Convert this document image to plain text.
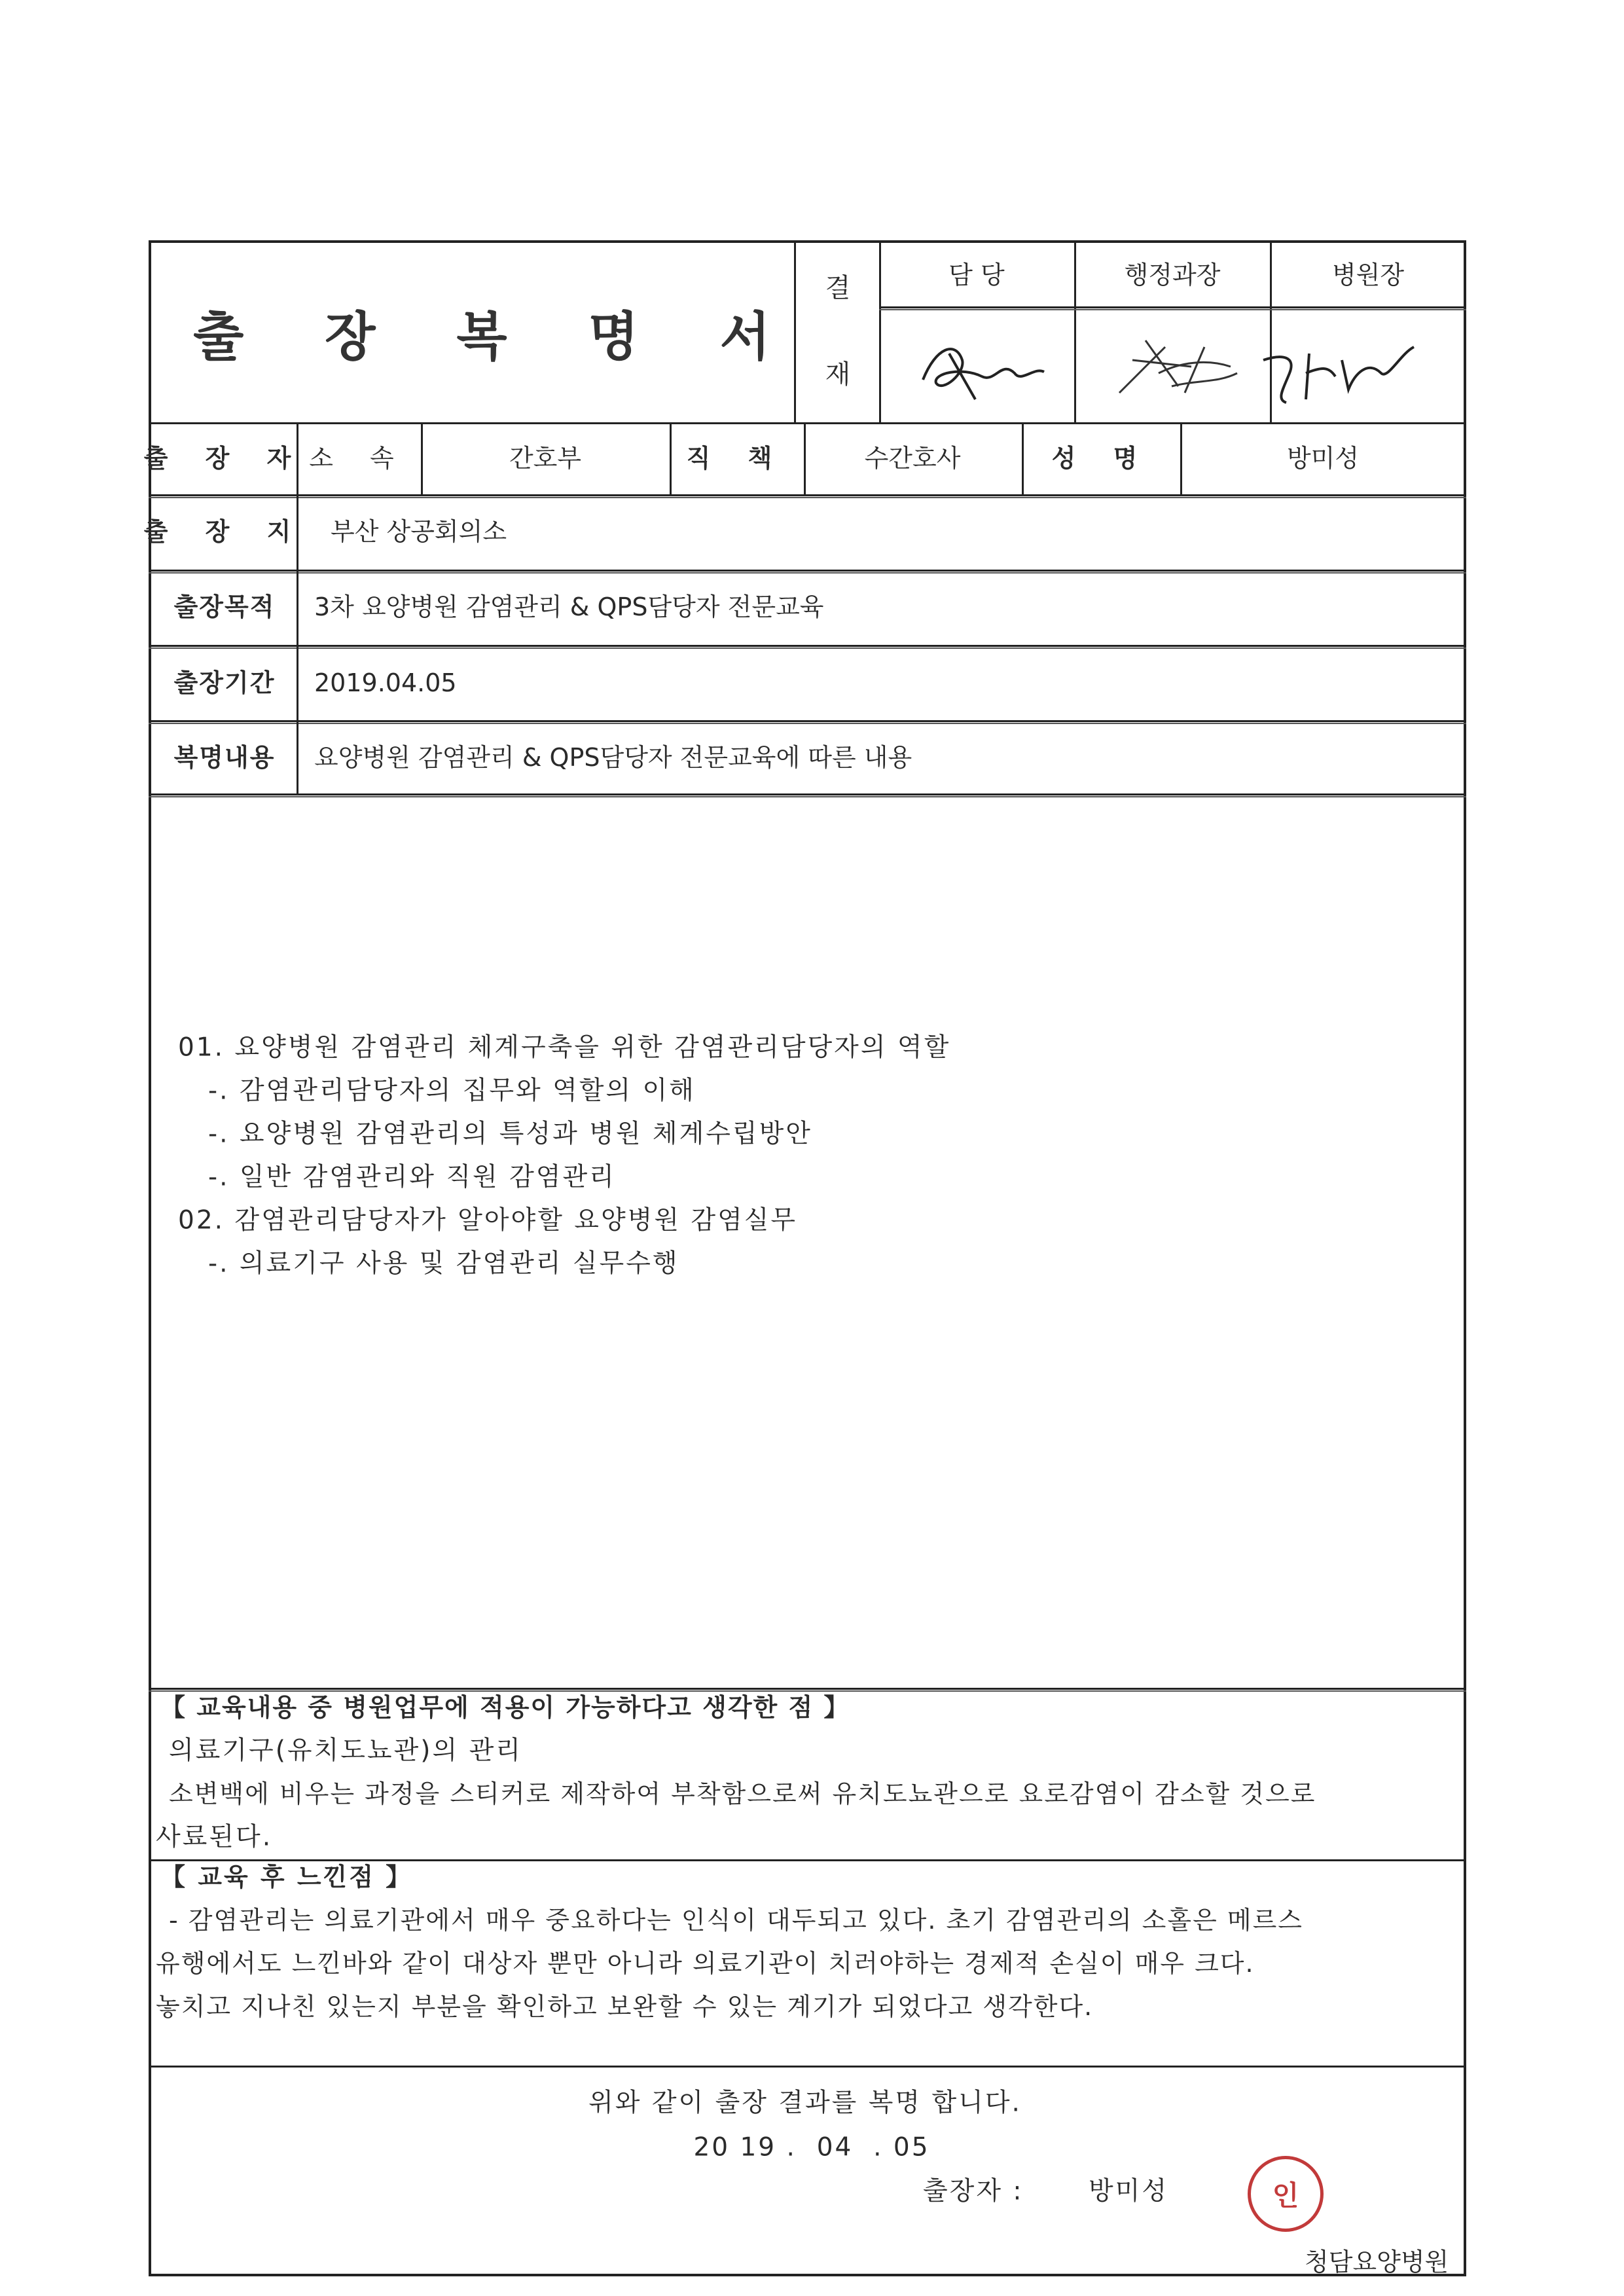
출 장 복 명 서
결
재
담 당	행정과장	병원장
출 장 자 소 속	간호부	직 책	수간호사	성 명	방미성
출 장 지 부산 상공회의소
출장목적 3차 요양병원 감염관리 & QPS담당자 전문교육
출장기간 2019.04.05
복명내용 요양병원 감염관리 & QPS담당자 전문교육에 따른 내용
01. 요양병원 감염관리 체계구축을 위한 감염관리담당자의 역할
-. 감염관리담당자의 집무와 역할의 이해
-. 요양병원 감염관리의 특성과 병원 체계수립방안
-. 일반 감염관리와 직원 감염관리
02. 감염관리담당자가 알아야할 요양병원 감염실무
-. 의료기구 사용 및 감염관리 실무수행
【 교육내용 중 병원업무에 적용이 가능하다고 생각한 점 】
의료기구(유치도뇨관)의 관리
소변백에 비우는 과정을 스티커로 제작하여 부착함으로써 유치도뇨관으로 요로감염이 감소할 것으로
사료된다.
【 교육 후 느낀점 】
- 감염관리는 의료기관에서 매우 중요하다는 인식이 대두되고 있다. 초기 감염관리의 소홀은 메르스
유행에서도 느낀바와 같이 대상자 뿐만 아니라 의료기관이 치러야하는 경제적 손실이 매우 크다.
놓치고 지나친 있는지 부분을 확인하고 보완할 수 있는 계기가 되었다고 생각한다.
위와 같이 출장 결과를 복명 합니다.
20 19 .  04  . 05
출장자 :	방미성	인
청담요양병원
